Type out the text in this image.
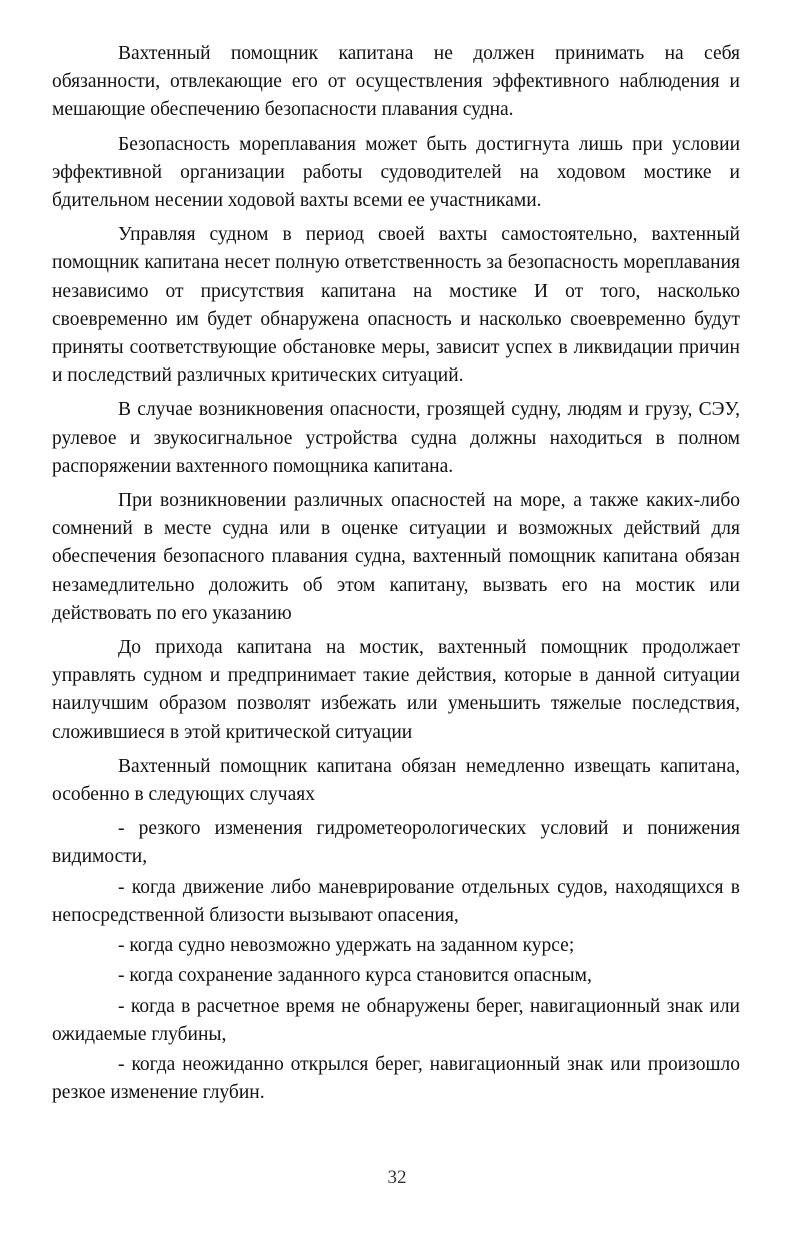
Вахтенный помощник капитана не должен принимать на себя обязанности, отвлекающие его от осуществления эффективного наблюдения и мешающие обеспечению безопасности плавания судна.

Безопасность мореплавания может быть достигнута лишь при условии эффективной организации работы судоводителей на ходовом мостике и бдительном несении ходовой вахты всеми ее участниками.

Управляя судном в период своей вахты самостоятельно, вахтенный помощник капитана несет полную ответственность за безопасность мореплавания независимо от присутствия капитана на мостике И от того, насколько своевременно им будет обнаружена опасность и насколько своевременно будут приняты соответствующие обстановке меры, зависит успех в ликвидации причин и последствий различных критических ситуаций.

В случае возникновения опасности, грозящей судну, людям и грузу, СЭУ, рулевое и звукосигнальное устройства судна должны находиться в полном распоряжении вахтенного помощника капитана.

При возникновении различных опасностей на море, а также каких-либо сомнений в месте судна или в оценке ситуации и возможных действий для обеспечения безопасного плавания судна, вахтенный помощник капитана обязан незамедлительно доложить об этом капитану, вызвать его на мостик или действовать по его указанию

До прихода капитана на мостик, вахтенный помощник продолжает управлять судном и предпринимает такие действия, которые в данной ситуации наилучшим образом позволят избежать или уменьшить тяжелые последствия, сложившиеся в этой критической ситуации

Вахтенный помощник капитана обязан немедленно извещать капитана, особенно в следующих случаях

- резкого изменения гидрометеорологических условий и понижения видимости,

- когда движение либо маневрирование отдельных судов, находящихся в непосредственной близости вызывают опасения,

- когда судно невозможно удержать на заданном курсе;

- когда сохранение заданного курса становится опасным,

- когда в расчетное время не обнаружены берег, навигационный знак или ожидаемые глубины,

- когда неожиданно открылся берег, навигационный знак или произошло резкое изменение глубин.

32
